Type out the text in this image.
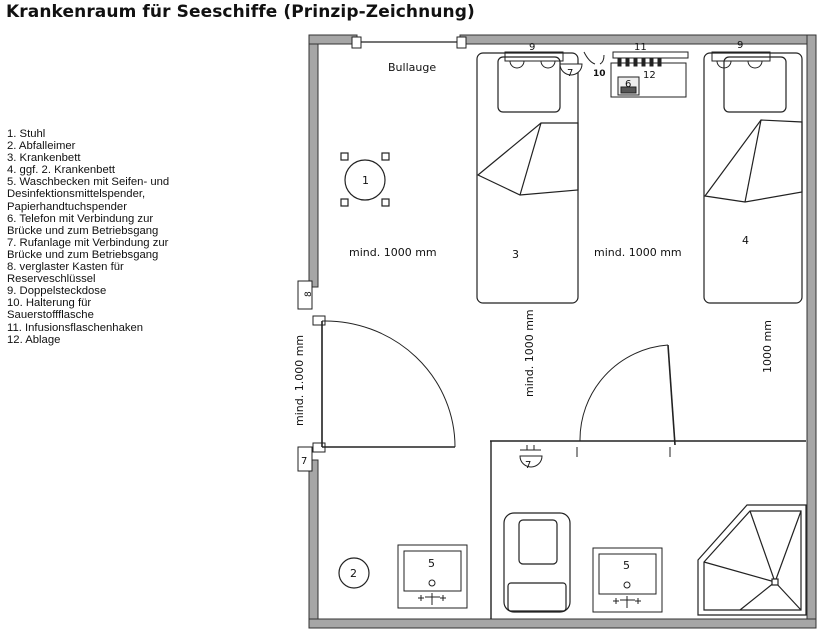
Krankenraum für Seeschiffe (Prinzip-Zeichnung)
1. Stuhl
2. Abfalleimer
3. Krankenbett
4. ggf. 2. Krankenbett
5. Waschbecken mit Seifen- und
Desinfektionsmittelspender,
Papierhandtuchspender
6. Telefon mit Verbindung zur
Brücke und zum Betriebsgang
7. Rufanlage mit Verbindung zur
Brücke und zum Betriebsgang
8. verglaster Kasten für
Reserveschlüssel
9. Doppelsteckdose
10. Halterung für
Sauerstoffflasche
11. Infusionsflaschenhaken
12. Ablage
Bullauge
1
3
4
9	9
7 10
11
12
6
8
7
2
5
7
5
mind. 1000 mm	mind. 1000 mm
mind. 1.000 mm	mind. 1000 mm	1000 mm
